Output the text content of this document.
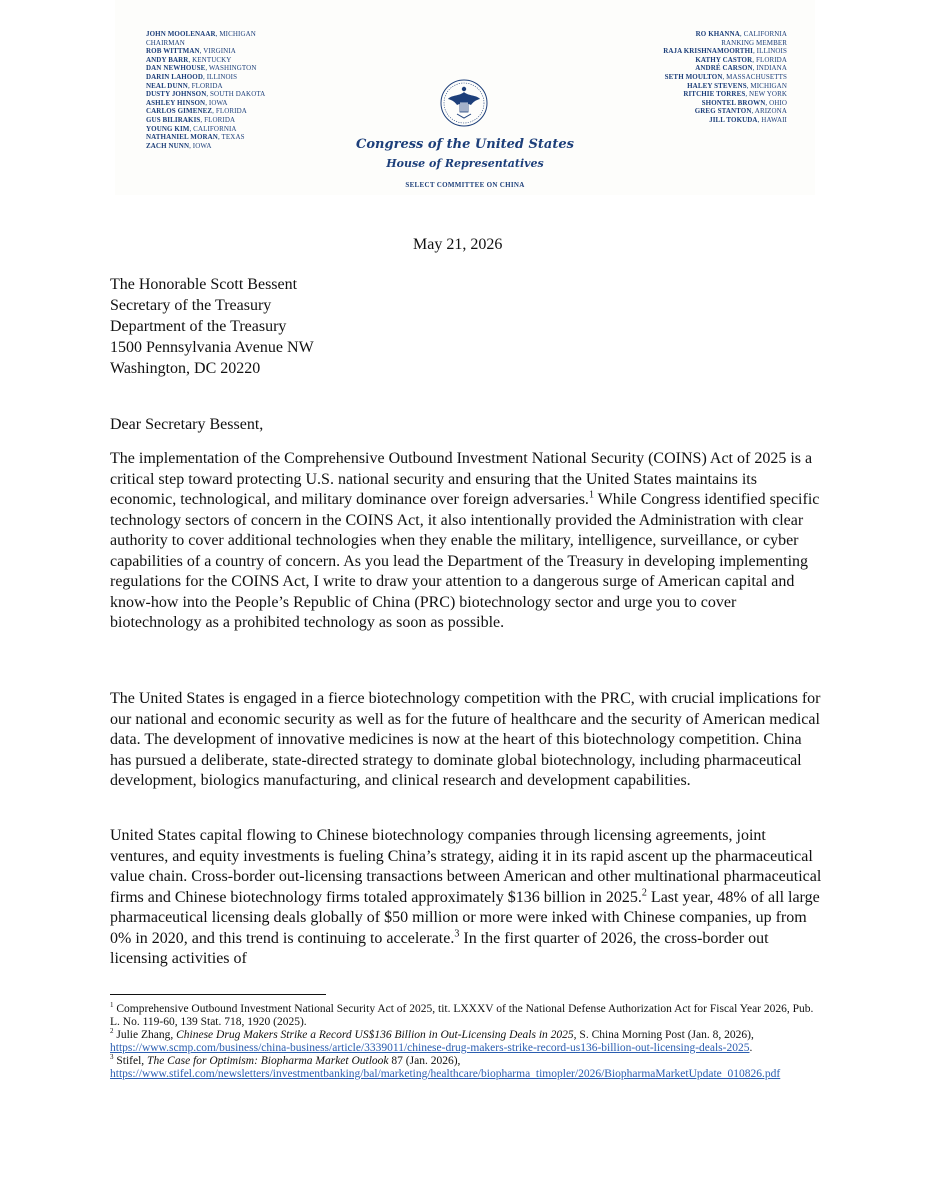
JOHN MOOLENAAR, MICHIGAN
CHAIRMAN
ROB WITTMAN, VIRGINIA
ANDY BARR, KENTUCKY
DAN NEWHOUSE, WASHINGTON
DARIN LAHOOD, ILLINOIS
NEAL DUNN, FLORIDA
DUSTY JOHNSON, SOUTH DAKOTA
ASHLEY HINSON, IOWA
CARLOS GIMENEZ, FLORIDA
GUS BILIRAKIS, FLORIDA
YOUNG KIM, CALIFORNIA
NATHANIEL MORAN, TEXAS
ZACH NUNN, IOWA	Congress of the United States
House of Representatives
SELECT COMMITTEE ON CHINA
RO KHANNA, CALIFORNIA
RANKING MEMBER
RAJA KRISHNAMOORTHI, ILLINOIS
KATHY CASTOR, FLORIDA
ANDRÉ CARSON, INDIANA
SETH MOULTON, MASSACHUSETTS
HALEY STEVENS, MICHIGAN
RITCHIE TORRES, NEW YORK
SHONTEL BROWN, OHIO
GREG STANTON, ARIZONA
JILL TOKUDA, HAWAII
May 21, 2026
The Honorable Scott Bessent
Secretary of the Treasury
Department of the Treasury
1500 Pennsylvania Avenue NW
Washington, DC 20220
Dear Secretary Bessent,

The implementation of the Comprehensive Outbound Investment National Security (COINS) Act of 2025 is a critical step toward protecting U.S. national security and ensuring that the United States maintains its economic, technological, and military dominance over foreign adversaries.$^1$ While Congress identified specific technology sectors of concern in the COINS Act, it also intentionally provided the Administration with clear authority to cover additional technologies when they enable the military, intelligence, surveillance, or cyber capabilities of a country of concern. As you lead the Department of the Treasury in developing implementing regulations for the COINS Act, I write to draw your attention to a dangerous surge of American capital and know-how into the People’s Republic of China (PRC) biotechnology sector and urge you to cover biotechnology as a prohibited technology as soon as possible.

The United States is engaged in a fierce biotechnology competition with the PRC, with crucial implications for our national and economic security as well as for the future of healthcare and the security of American medical data. The development of innovative medicines is now at the heart of this biotechnology competition. China has pursued a deliberate, state-directed strategy to dominate global biotechnology, including pharmaceutical development, biologics manufacturing, and clinical research and development capabilities.

United States capital flowing to Chinese biotechnology companies through licensing agreements, joint ventures, and equity investments is fueling China’s strategy, aiding it in its rapid ascent up the pharmaceutical value chain. Cross-border out-licensing transactions between American and other multinational pharmaceutical firms and Chinese biotechnology firms totaled approximately $136 billion in 2025.$^2$ Last year, 48% of all large pharmaceutical licensing deals globally of $50 million or more were inked with Chinese companies, up from 0% in 2020, and this trend is continuing to accelerate.$^3$ In the first quarter of 2026, the cross-border out licensing activities of

$^1$ Comprehensive Outbound Investment National Security Act of 2025, tit. LXXXV of the National Defense Authorization Act for Fiscal Year 2026, Pub. L. No. 119-60, 139 Stat. 718, 1920 (2025).

$^2$ Julie Zhang, Chinese Drug Makers Strike a Record US$136 Billion in Out-Licensing Deals in 2025, S. China Morning Post (Jan. 8, 2026),
https://www.scmp.com/business/china-business/article/3339011/chinese-drug-makers-strike-record-us136-billion-out-licensing-deals-2025.

$^3$ Stifel, The Case for Optimism: Biopharma Market Outlook 87 (Jan. 2026),
https://www.stifel.com/newsletters/investmentbanking/bal/marketing/healthcare/biopharma_timopler/2026/BiopharmaMarketUpdate_010826.pdf
